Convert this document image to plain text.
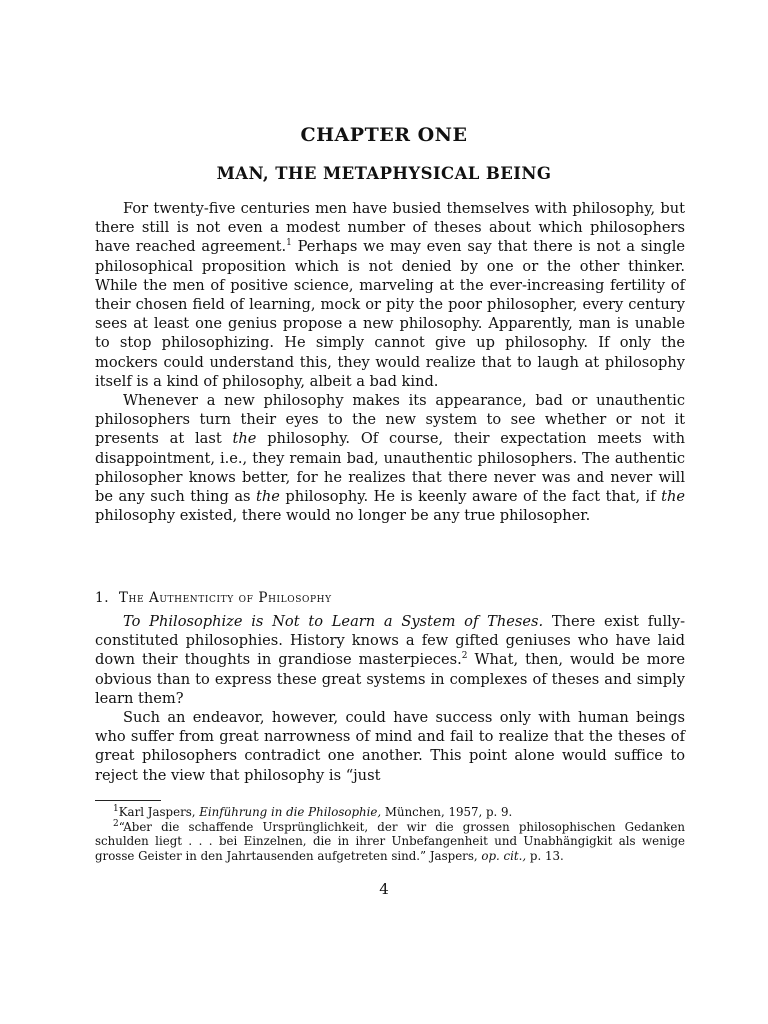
CHAPTER ONE
MAN, THE METAPHYSICAL BEING

For twenty-five centuries men have busied themselves with philosophy, but there still is not even a modest number of theses about which philosophers have reached agreement.$^1$ Perhaps we may even say that there is not a single philosophical proposition which is not denied by one or the other thinker. While the men of positive science, marveling at the ever-increasing fertility of their chosen field of learning, mock or pity the poor philosopher, every century sees at least one genius propose a new philosophy. Apparently, man is unable to stop philosophizing. He simply cannot give up philosophy. If only the mockers could understand this, they would realize that to laugh at philosophy itself is a kind of philosophy, albeit a bad kind.

Whenever a new philosophy makes its appearance, bad or unauthentic philosophers turn their eyes to the new system to see whether or not it presents at last the philosophy. Of course, their expectation meets with disappointment, i.e., they remain bad, unauthentic philosophers. The authentic philosopher knows better, for he realizes that there never was and never will be any such thing as the philosophy. He is keenly aware of the fact that, if the philosophy existed, there would no longer be any true philosopher.

1. The Authenticity of Philosophy

To Philosophize is Not to Learn a System of Theses. There exist fully-constituted philosophies. History knows a few gifted geniuses who have laid down their thoughts in grandiose masterpieces.$^2$ What, then, would be more obvious than to express these great systems in complexes of theses and simply learn them?

Such an endeavor, however, could have success only with human beings who suffer from great narrowness of mind and fail to realize that the theses of great philosophers contradict one another. This point alone would suffice to reject the view that philosophy is “just

$^1$Karl Jaspers, Einführung in die Philosophie, München, 1957, p. 9.

$^2$“Aber die schaffende Ursprünglichkeit, der wir die grossen philosophischen Gedanken schulden liegt . . . bei Einzelnen, die in ihrer Unbefangenheit und Unabhängigkit als wenige grosse Geister in den Jahrtausenden aufgetreten sind.” Jaspers, op. cit., p. 13.

4
